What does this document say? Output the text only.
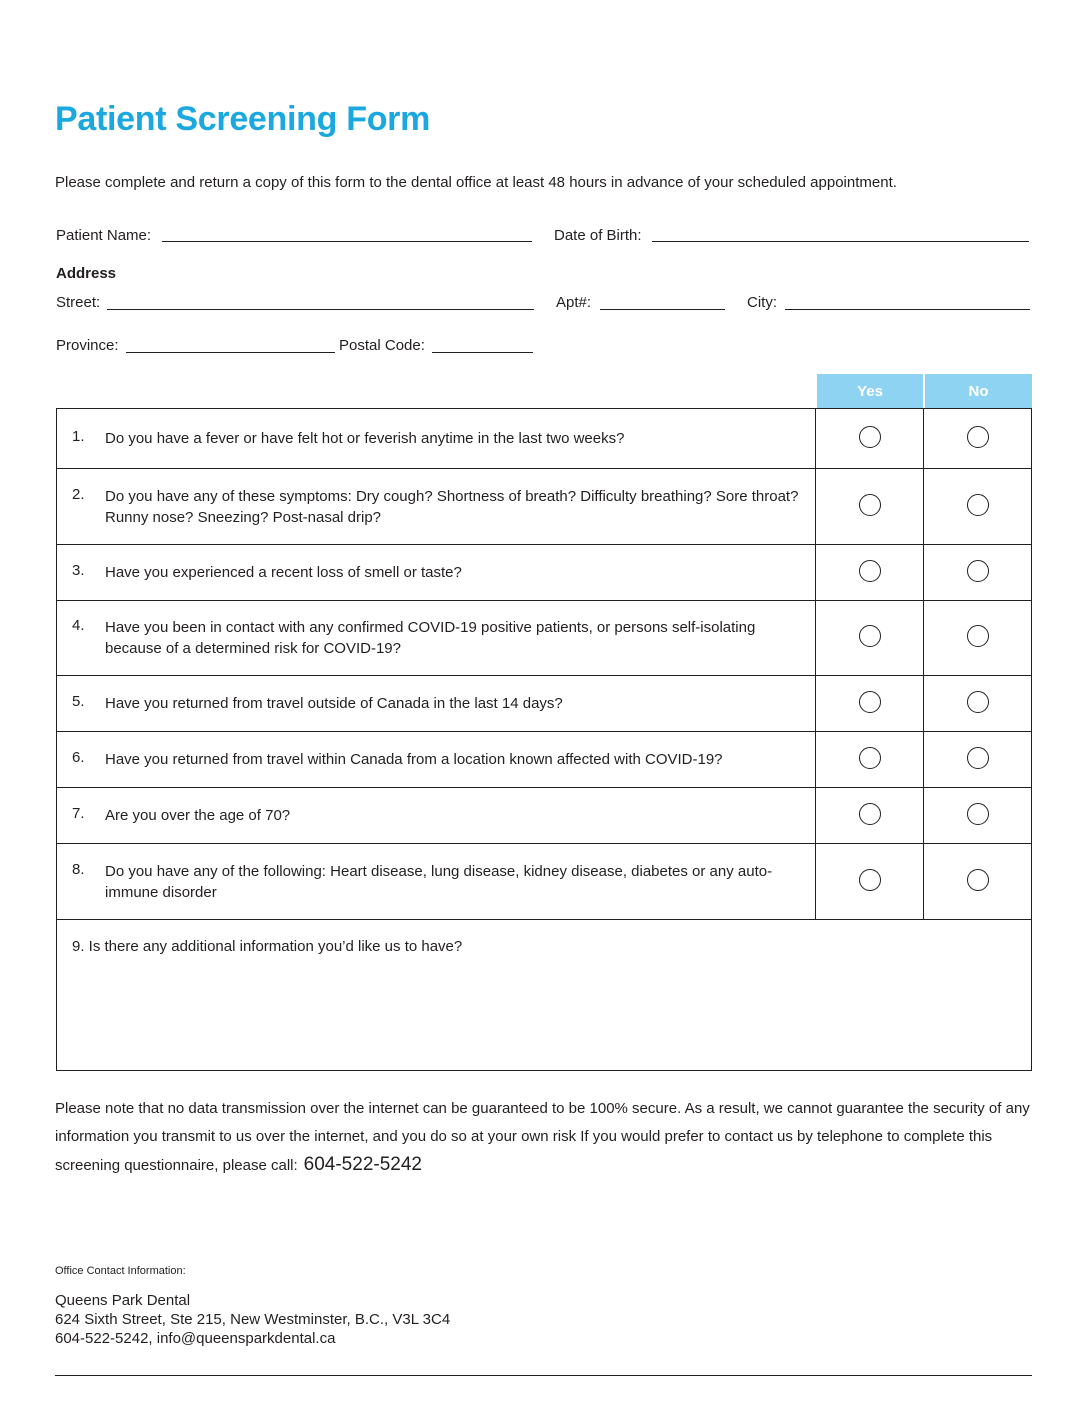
Patient Screening Form
Please complete and return a copy of this form to the dental office at least 48 hours in advance of your scheduled appointment.
Patient Name:	Date of Birth:
Address
Street:	Apt#:	City:
Province:	Postal Code:
Yes	No
1. Do you have a fever or have felt hot or feverish anytime in the last two weeks?		

2. Do you have any of these symptoms: Dry cough? Shortness of breath? Difficulty breathing? Sore throat? Runny nose? Sneezing? Post-nasal drip?		

3. Have you experienced a recent loss of smell or taste?		

4. Have you been in contact with any confirmed COVID-19 positive patients, or persons self-isolating because of a determined risk for COVID-19?		

5. Have you returned from travel outside of Canada in the last 14 days?		

6. Have you returned from travel within Canada from a location known affected with COVID-19?		

7. Are you over the age of 70?		

8. Do you have any of the following: Heart disease, lung disease, kidney disease, diabetes or any auto-immune disorder		

9. Is there any additional information you’d like us to have?		
Please note that no data transmission over the internet can be guaranteed to be 100% secure. As a result, we cannot guarantee the security of any information you transmit to us over the internet, and you do so at your own risk If you would prefer to contact us by telephone to complete this screening questionnaire, please call: 604-522-5242
Office Contact Information:
Queens Park Dental
624 Sixth Street, Ste 215, New Westminster, B.C., V3L 3C4
604-522-5242, info@queensparkdental.ca
